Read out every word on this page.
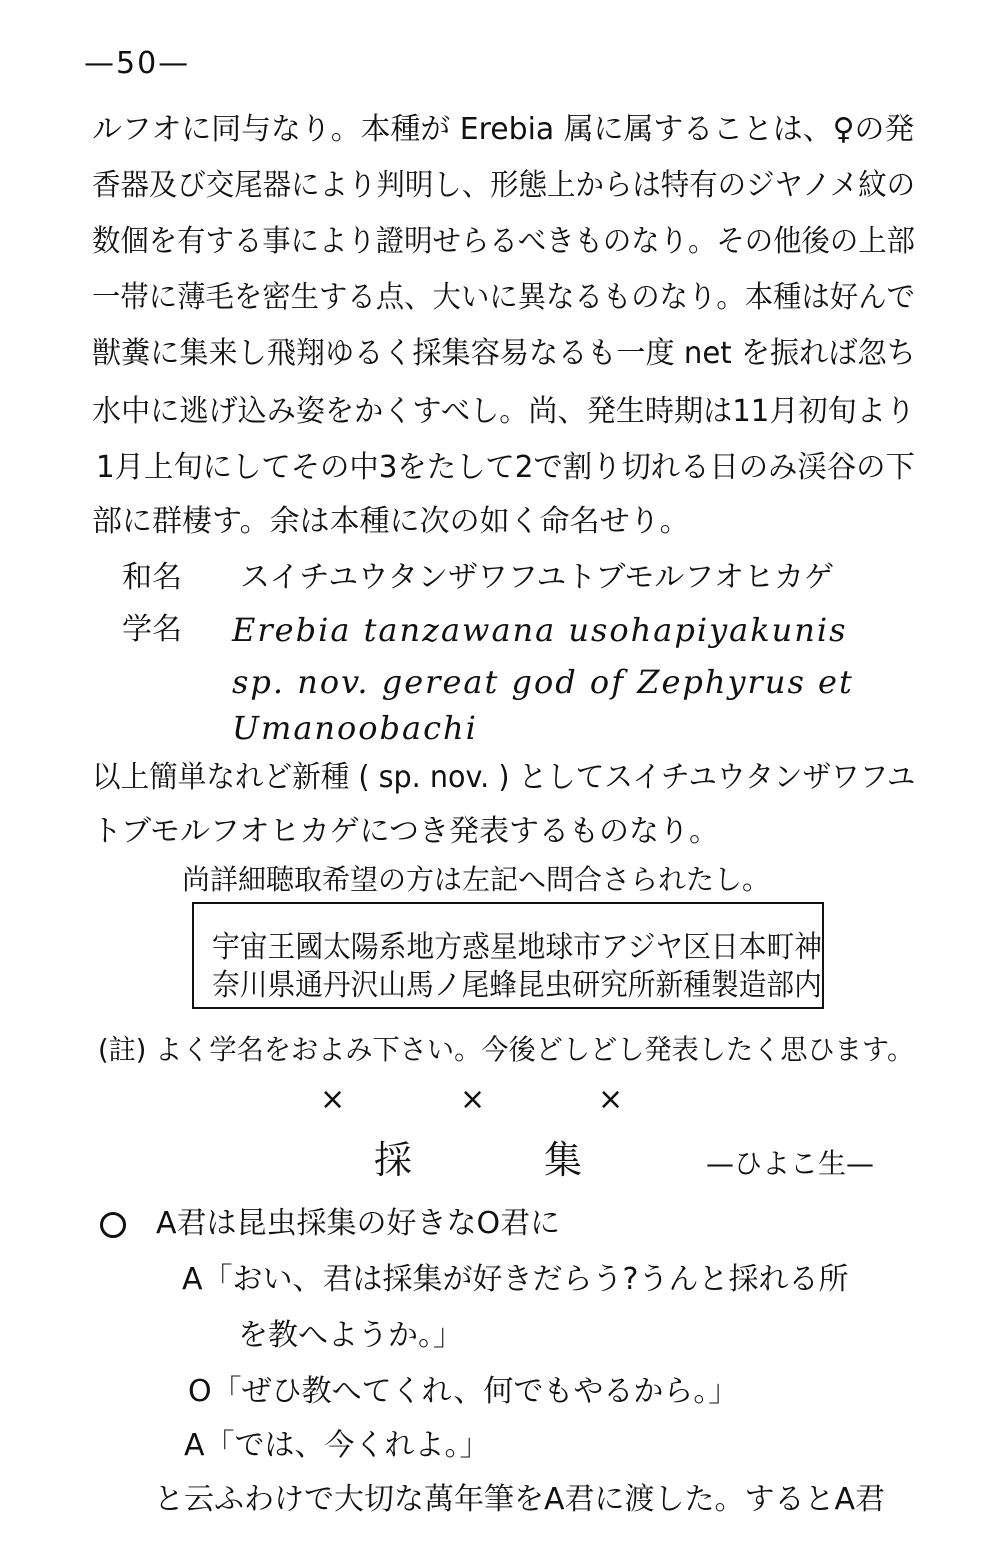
—50—
ルフオに同与なり。本種が Erebia 属に属することは、♀の発
香器及び交尾器により判明し、形態上からは特有のジヤノメ紋の
数個を有する事により證明せらるべきものなり。その他後の上部
一帯に薄毛を密生する点、大いに異なるものなり。本種は好んで
獣糞に集来し飛翔ゆるく採集容易なるも一度 net を振れば忽ち
水中に逃げ込み姿をかくすべし。尚、発生時期は11月初旬より
1月上旬にしてその中3をたして2で割り切れる日のみ渓谷の下
部に群棲す。余は本種に次の如く命名せり。
和名 スイチユウタンザワフユトブモルフオヒカゲ
学名 Erebia tanzawana usohapiyakunis
sp. nov. gereat god of Zephyrus et
Umanoobachi
以上簡単なれど新種 ( sp. nov. ) としてスイチユウタンザワフユ
トブモルフオヒカゲにつき発表するものなり。
尚詳細聴取希望の方は左記へ問合さられたし。
宇宙王國太陽系地方惑星地球市アジヤ区日本町神
奈川県通丹沢山馬ノ尾蜂昆虫研究所新種製造部内
(註) よく学名をおよみ下さい。今後どしどし発表したく思ひます。
×	×	×
採	集	—ひよこ生—
A君は昆虫採集の好きなO君に
A「おい、君は採集が好きだらう?うんと採れる所
を教へようか。」
O「ぜひ教へてくれ、何でもやるから。」
A「では、今くれよ。」
と云ふわけで大切な萬年筆をA君に渡した。するとA君
